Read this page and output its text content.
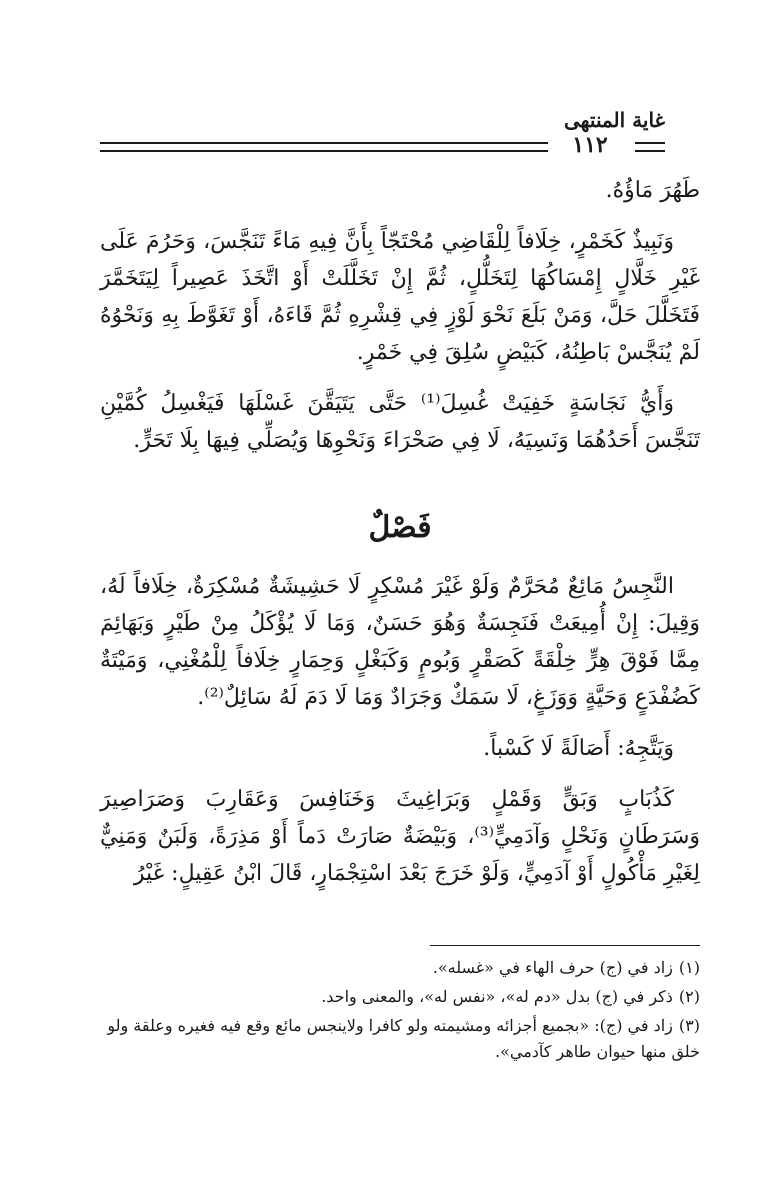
غاية المنتهى
١١٢

طَهُرَ مَاؤُهُ.

وَنَبِيذٌ كَخَمْرٍ، خِلَافاً لِلْقَاضِي مُحْتَجّاً بِأَنَّ فِيهِ مَاءً تَنَجَّسَ، وَحَرُمَ عَلَى غَيْرِ خَلَّالٍ إِمْسَاكُهَا لِتَخَلُّلٍ، ثُمَّ إِنْ تَخَلَّلَتْ أَوْ اتَّخَذَ عَصِيراً لِيَتَخَمَّرَ فَتَخَلَّلَ حَلَّ، وَمَنْ بَلَعَ نَحْوَ لَوْزٍ فِي قِشْرِهِ ثُمَّ قَاءَهُ، أَوْ تَغَوَّطَ بِهِ وَنَحْوُهُ لَمْ يُنَجَّسْ بَاطِنُهُ، كَبَيْضٍ سُلِقَ فِي خَمْرٍ.

وَأَيُّ نَجَاسَةٍ خَفِيَتْ غُسِلَ⁽¹⁾ حَتَّى يَتَيَقَّنَ غَسْلَهَا فَيَغْسِلُ كُمَّيْنِ تَنَجَّسَ أَحَدُهُمَا وَنَسِيَهُ، لَا فِي صَحْرَاءَ وَنَحْوِهَا وَيُصَلِّي فِيهَا بِلَا تَحَرٍّ.

فَصْلٌ

النَّجِسُ مَائِعٌ مُحَرَّمٌ وَلَوْ غَيْرَ مُسْكِرٍ لَا حَشِيشَةٌ مُسْكِرَةٌ، خِلَافاً لَهُ، وَقِيلَ: إِنْ أُمِيعَتْ فَنَجِسَةٌ وَهُوَ حَسَنٌ، وَمَا لَا يُؤْكَلُ مِنْ طَيْرٍ وَبَهَائِمَ مِمَّا فَوْقَ هِرٍّ خِلْقَةً كَصَقْرٍ وَبُومٍ وَكَبَغْلٍ وَحِمَارٍ خِلَافاً لِلْمُغْنِي، وَمَيْتَةٌ كَضُفْدَعٍ وَحَيَّةٍ وَوَزَغٍ، لَا سَمَكٌ وَجَرَادٌ وَمَا لَا دَمَ لَهُ سَائِلٌ⁽²⁾.

وَيَتَّجِهُ: أَصَالَةً لَا كَسْباً.

كَذُبَابٍ وَبَقٍّ وَقَمْلٍ وَبَرَاغِيثَ وَخَنَافِسَ وَعَقَارِبَ وَصَرَاصِيرَ وَسَرَطَانٍ وَنَحْلٍ وَآدَمِيٍّ⁽³⁾، وَبَيْضَةٌ صَارَتْ دَماً أَوْ مَذِرَةً، وَلَبَنٌ وَمَنِيٌّ لِغَيْرِ مَأْكُولٍ أَوْ آدَمِيٍّ، وَلَوْ خَرَجَ بَعْدَ اسْتِجْمَارٍ، قَالَ ابْنُ عَقِيلٍ: غَيْرُ

(١)زاد في (ج) حرف الهاء في «غسله».

(٢)ذكر في (ج) بدل «دم له»، «نفس له»، والمعنى واحد.

(٣)زاد في (ج): «بجميع أجزائه ومشيمته ولو كافرا ولاينجس مائع وقع فيه فغيره وعلقة ولو خلق منها حيوان طاهر كآدمي».
